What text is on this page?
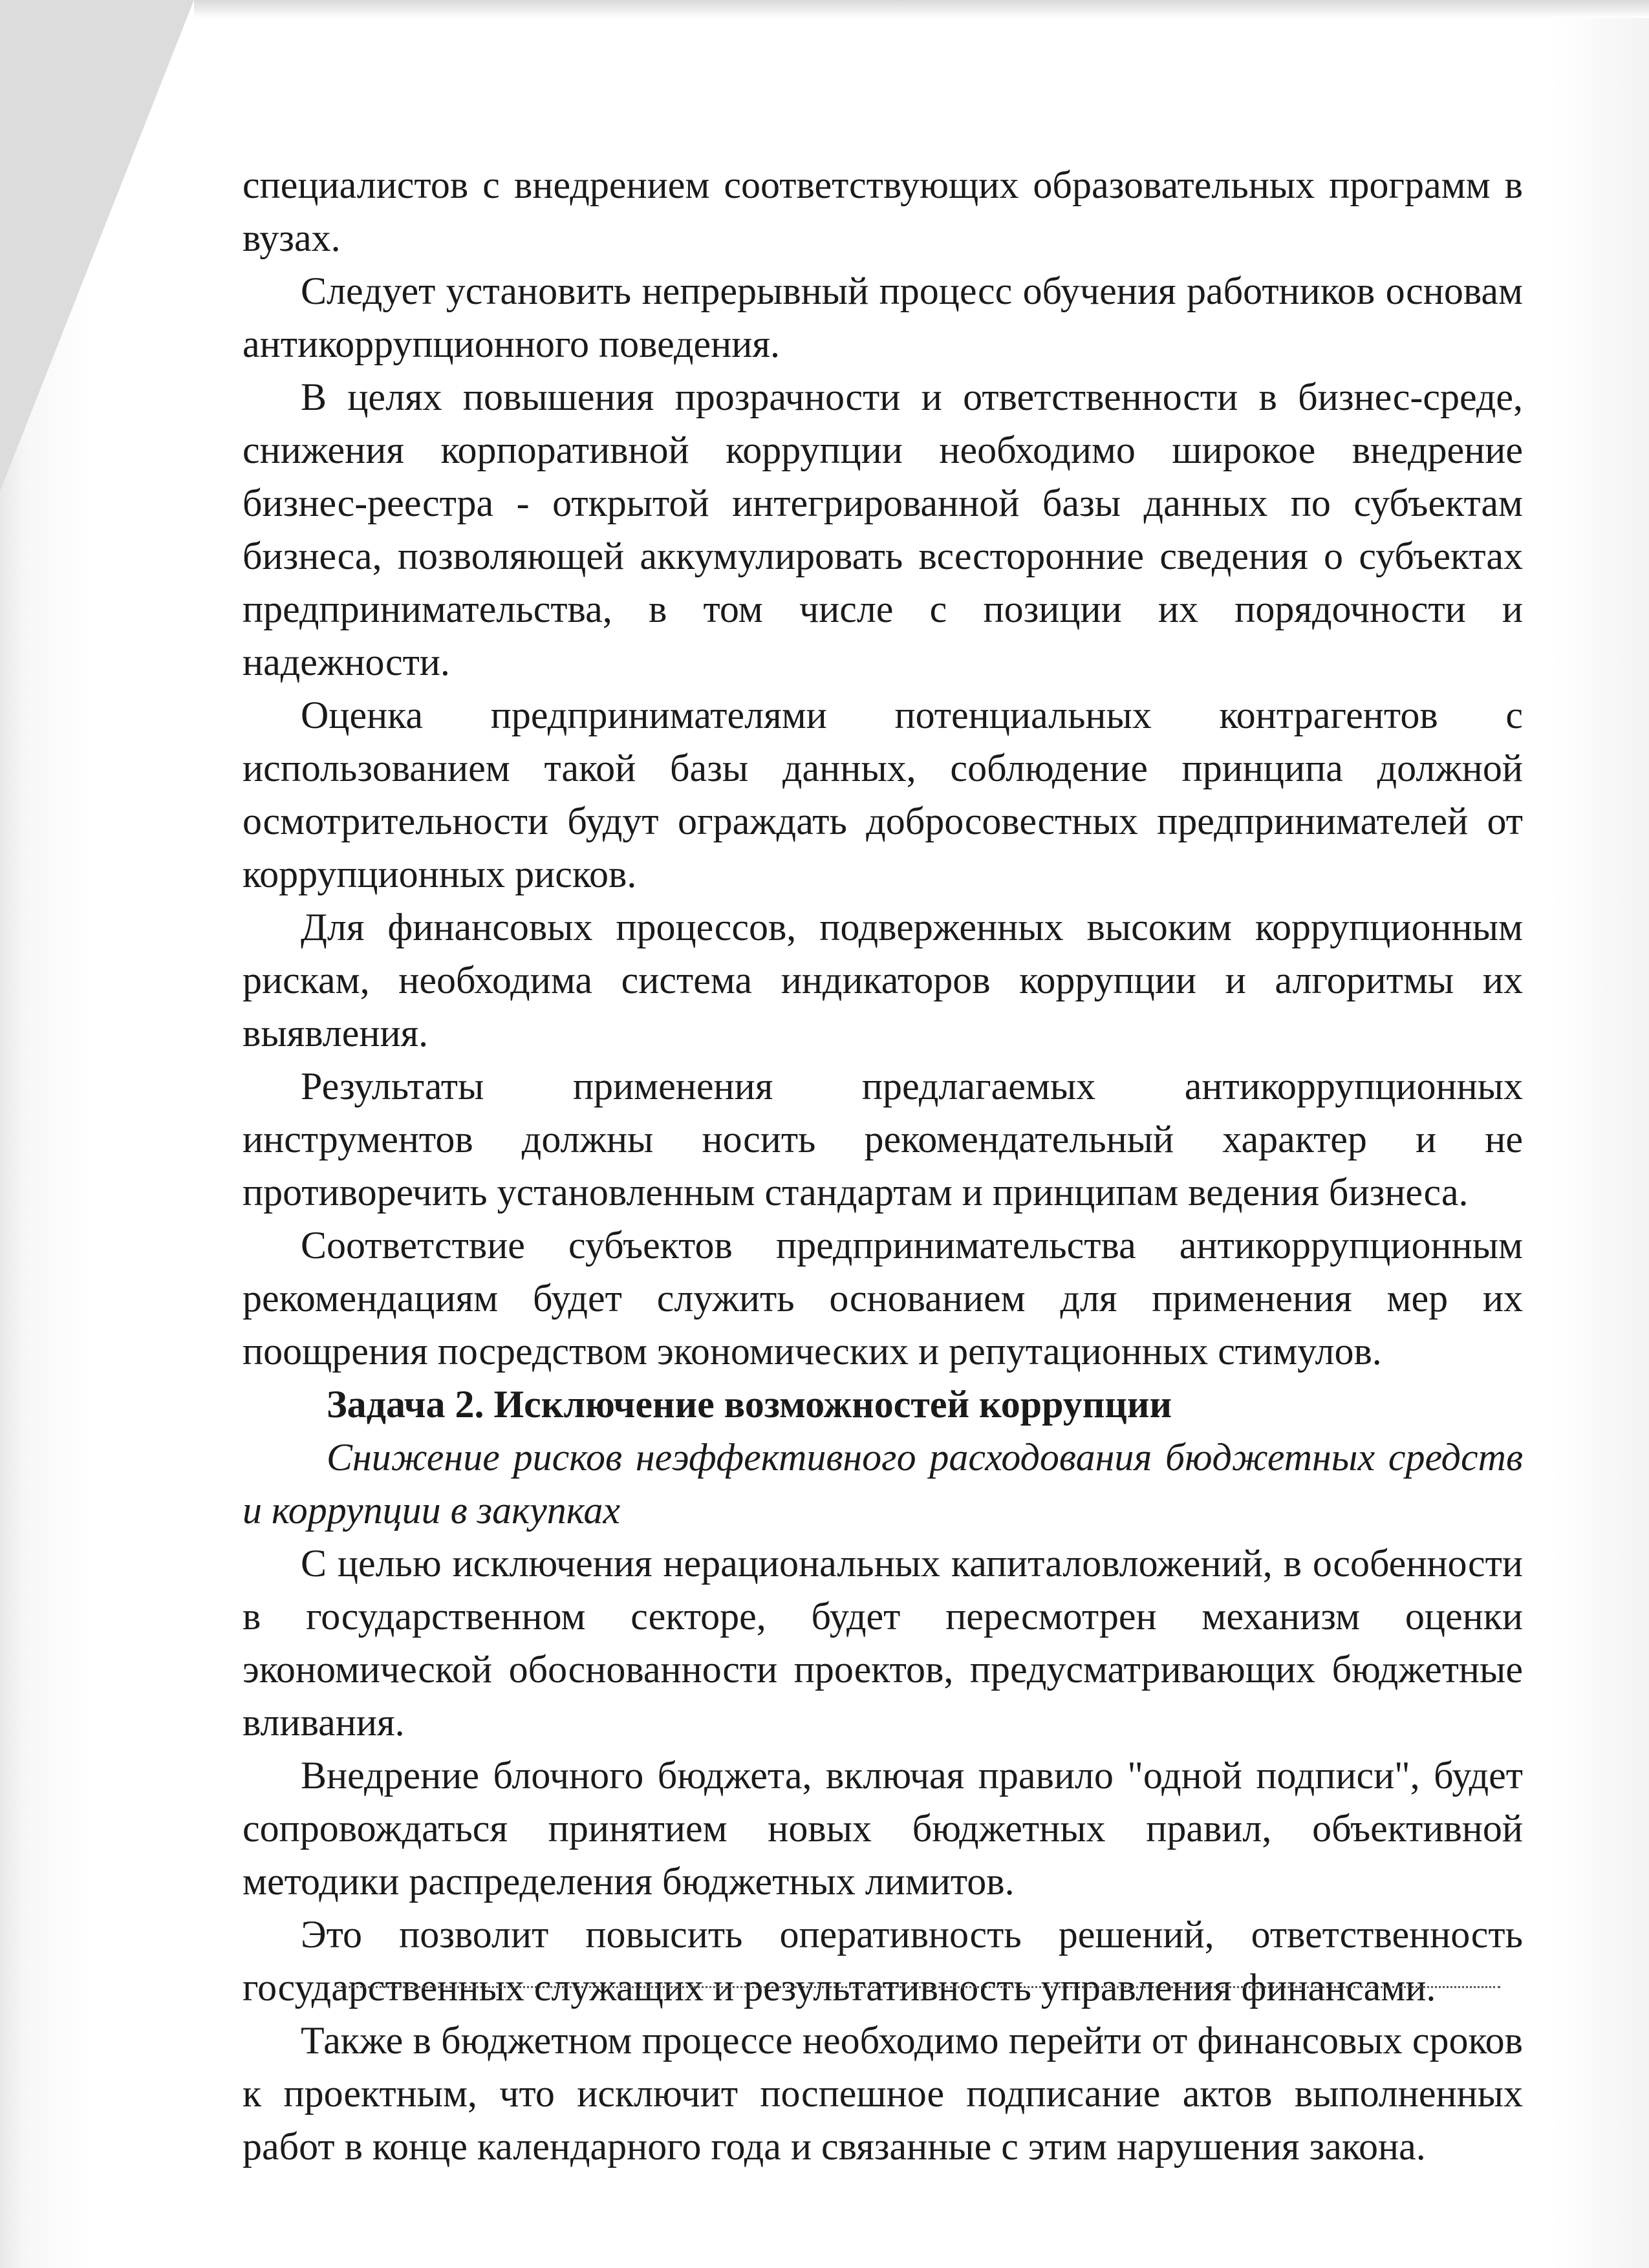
специалистов с внедрением соответствующих образовательных программ в вузах.

Следует установить непрерывный процесс обучения работников основам антикоррупционного поведения.

В целях повышения прозрачности и ответственности в бизнес-среде, снижения корпоративной коррупции необходимо широкое внедрение бизнес-реестра - открытой интегрированной базы данных по субъектам бизнеса, позволяющей аккумулировать всесторонние сведения о субъектах предпринимательства, в том числе с позиции их порядочности и надежности.

Оценка предпринимателями потенциальных контрагентов с использованием такой базы данных, соблюдение принципа должной осмотрительности будут ограждать добросовестных предпринимателей от коррупционных рисков.

Для финансовых процессов, подверженных высоким коррупционным рискам, необходима система индикаторов коррупции и алгоритмы их выявления.

Результаты применения предлагаемых антикоррупционных инструментов должны носить рекомендательный характер и не противоречить установленным стандартам и принципам ведения бизнеса.

Соответствие субъектов предпринимательства антикоррупционным рекомендациям будет служить основанием для применения мер их поощрения посредством экономических и репутационных стимулов.

Задача 2. Исключение возможностей коррупции

Снижение рисков неэффективного расходования бюджетных средств и коррупции в закупках

С целью исключения нерациональных капиталовложений, в особенности в государственном секторе, будет пересмотрен механизм оценки экономической обоснованности проектов, предусматривающих бюджетные вливания.

Внедрение блочного бюджета, включая правило "одной подписи", будет сопровождаться принятием новых бюджетных правил, объективной методики распределения бюджетных лимитов.

Это позволит повысить оперативность решений, ответственность государственных служащих и результативность управления финансами.

Также в бюджетном процессе необходимо перейти от финансовых сроков к проектным, что исключит поспешное подписание актов выполненных работ в конце календарного года и связанные с этим нарушения закона.
